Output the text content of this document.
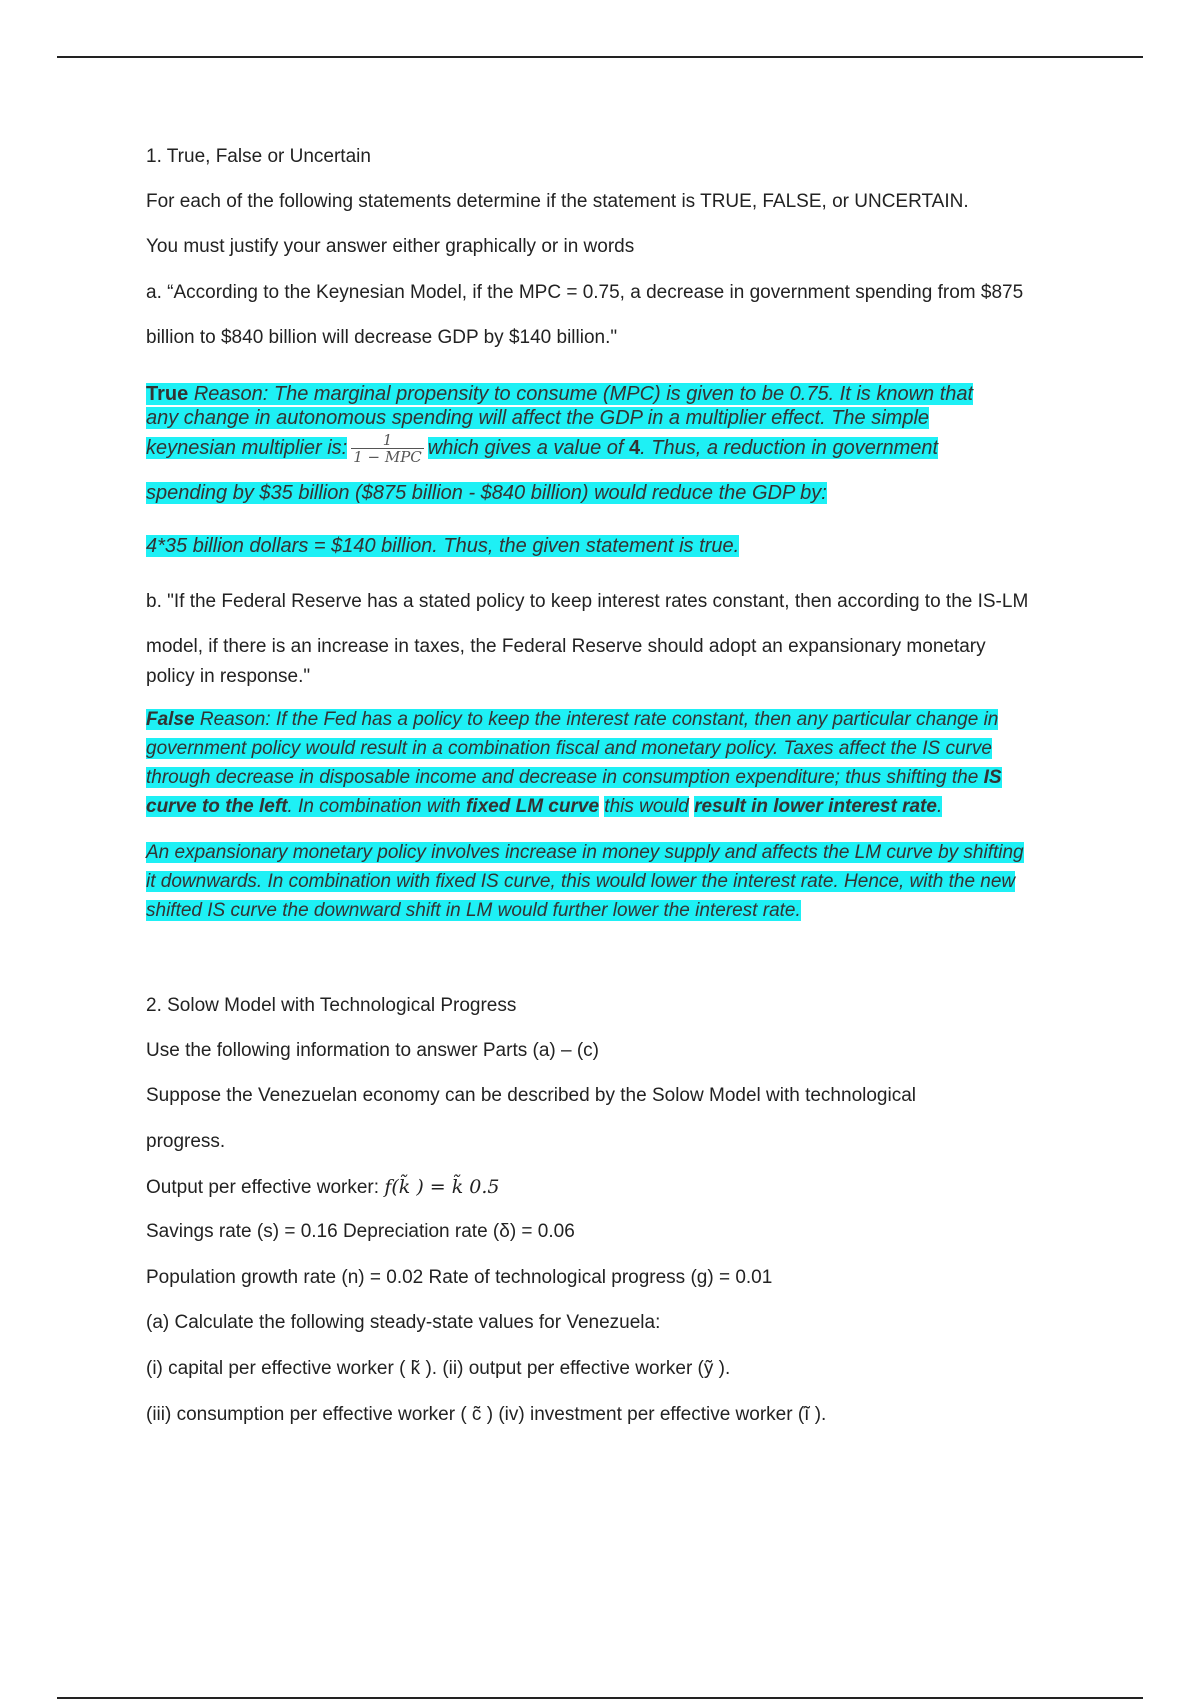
1. True, False or Uncertain

For each of the following statements determine if the statement is TRUE, FALSE, or UNCERTAIN.

You must justify your answer either graphically or in words

a. “According to the Keynesian Model, if the MPC = 0.75, a decrease in government spending from $875

billion to $840 billion will decrease GDP by $140 billion."

True Reason: The marginal propensity to consume (MPC) is given to be 0.75. It is known that
any change in autonomous spending will affect the GDP in a multiplier effect. The simple
keynesian multiplier is: $\frac{1}{\text{1 − MPC}}$ which gives a value of 4. Thus, a reduction in government
spending by $35 billion ($875 billion - $840 billion) would reduce the GDP by:
4*35 billion dollars = $140 billion. Thus, the given statement is true.

b. "If the Federal Reserve has a stated policy to keep interest rates constant, then according to the IS-LM

model, if there is an increase in taxes, the Federal Reserve should adopt an expansionary monetary

policy in response."

False Reason: If the Fed has a policy to keep the interest rate constant, then any particular change in
government policy would result in a combination fiscal and monetary policy. Taxes affect the IS curve
through decrease in disposable income and decrease in consumption expenditure; thus shifting the IS
curve to the left. In combination with fixed LM curve this would result in lower interest rate.
An expansionary monetary policy involves increase in money supply and affects the LM curve by shifting
it downwards. In combination with fixed IS curve, this would lower the interest rate. Hence, with the new
shifted IS curve the downward shift in LM would further lower the interest rate.

2. Solow Model with Technological Progress

Use the following information to answer Parts (a) – (c)

Suppose the Venezuelan economy can be described by the Solow Model with technological

progress.

Output per effective worker: f(k̃ ) = k̃ 0.5

Savings rate (s) = 0.16 Depreciation rate (δ) = 0.06

Population growth rate (n) = 0.02 Rate of technological progress (g) = 0.01

(a) Calculate the following steady-state values for Venezuela:

(i) capital per effective worker ( k̃ ). (ii) output per effective worker (ỹ ).

(iii) consumption per effective worker ( c̃ ) (iv) investment per effective worker (ĩ ).
